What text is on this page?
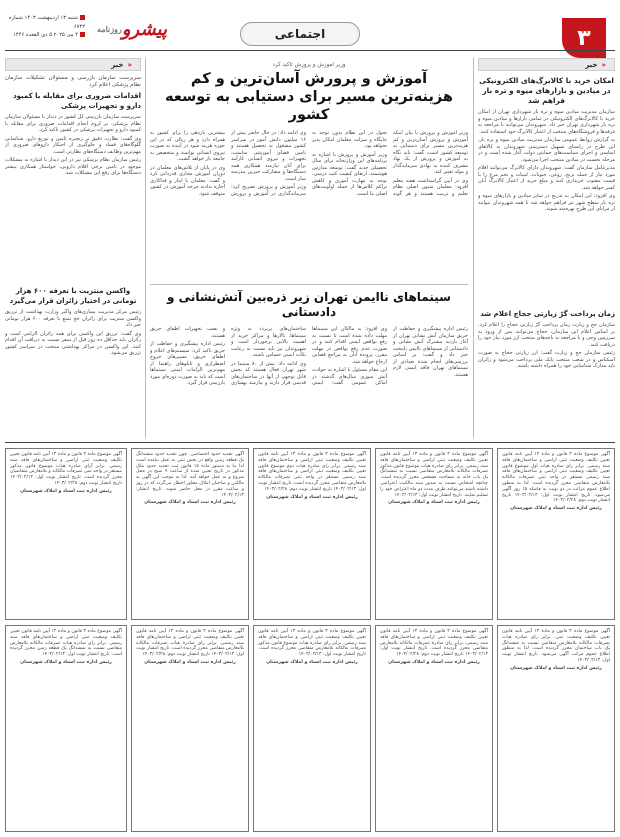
۳
اجتماعی
پیشرو
روزنامه
شنبه ۱۳ اردیبهشت ۱۴۰۳ شماره ۶۷۴۳
۴ مِی ۲۰۲۵ ۵ ذی القعده ۱۴۴۶
« خبر
امکان خرید با کالابرگ‌های الکترونیکی در میادین و بازارهای میوه و تره بار فراهم شد

سازمان مدیریت میادین میوه و تره بار شهرداری تهران از امکان خرید با کالابرگ‌های الکترونیکی در تمامی بازارها و میادین میوه و تره بار شهرداری تهران خبر داد. شهروندان می‌توانند با مراجعه به غرفه‌ها و فروشگاه‌های منتخب از اعتبار کالابرگ خود استفاده کنند.

به گزارش روابط عمومی سازمان مدیریت میادین میوه و تره بار، این طرح در راستای تسهیل دسترسی شهروندان به کالاهای اساسی و اجرای سیاست‌های حمایتی دولت آغاز شده است و در مرحله نخست در میادین منتخب اجرا می‌شود.

مدیرعامل سازمان گفت: شهروندان دارای کالابرگ می‌توانند اقلام مورد نیاز از جمله برنج، روغن، حبوبات، لبنیات و تخم مرغ را با قیمت مصوب خریداری کنند و مبلغ خرید از اعتبار کالابرگ آنان کسر خواهد شد.

وی افزود: این امکان به تدریج در سایر میادین و بازارهای میوه و تره بار سطح شهر نیز فراهم خواهد شد تا همه شهروندان بتوانند از مزایای این طرح بهره‌مند شوند.

زمان پرداخت گرّ زیارتی حجاج اعلام شد

سازمان حج و زیارت زمان پرداخت گرّ زیارتی حجاج را اعلام کرد. بر اساس اعلام این سازمان، حجاج می‌توانند پس از ورود به سرزمین وحی و با مراجعه به باجه‌های منتخب ارز مورد نیاز خود را دریافت کنند.

رئیس سازمان حج و زیارت گفت: ارز زیارتی حجاج به صورت اسکناس و در شعب منتخب بانک ملی پرداخت می‌شود و زائران باید مدارک شناسایی خود را همراه داشته باشند.

وزیر آموزش و پرورش تاکید کرد
آموزش و پرورش آسان‌ترین و کم هزینه‌ترین مسیر برای دستیابی به توسعه کشور

وزیر آموزش و پرورش با بیان اینکه آموزش و پرورش آسان‌ترین و کم هزینه‌ترین مسیر برای دستیابی به توسعه کشور است، گفت: باید نگاه به آموزش و پرورش از یک نهاد مصرف کننده به نهادی سرمایه‌گذار و مولد تغییر کند.

وی در آیین گرامیداشت هفته معلم افزود: معلمان ستون اصلی نظام تعلیم و تربیت هستند و هر گونه تحول در این نظام بدون توجه به جایگاه و منزلت معلمان امکان پذیر نخواهد بود.

وزیر آموزش و پرورش با اشاره به برنامه‌های این وزارتخانه برای سال تحصیلی جدید گفت: توسعه مدارس هوشمند، ارتقای کیفیت کتب درسی، توجه به مهارت آموزی و کاهش تراکم کلاس‌ها از جمله اولویت‌های اصلی ما است.

وی ادامه داد: در حال حاضر بیش از ۱۶ میلیون دانش آموز در سراسر کشور مشغول به تحصیل هستند و تامین فضای آموزشی مناسب، تجهیزات و نیروی انسانی کارآمد برای آنان نیازمند همکاری همه دستگاه‌ها و مشارکت خیرین مدرسه ساز است.

وزیر آموزش و پرورش تصریح کرد: سرمایه‌گذاری در آموزش و پرورش بیشترین بازدهی را برای کشور به همراه دارد و هر ریالی که در این حوزه هزینه شود در آینده به صورت نیروی انسانی توانمند و متخصص به جامعه باز خواهد گشت.

وی در پایان از تلاش‌های معلمان در دوران آموزش مجازی قدردانی کرد و گفت: معلمان با ایثار و فداکاری اجازه ندادند چرخه آموزش در کشور متوقف شود.

سینماهای ناایمن تهران زیر ذره‌بین آتش‌نشانی و دادستانی

رئیس اداره پیشگیری و حفاظت از حریق سازمان آتش نشانی تهران از آغاز بازدید مشترک آتش نشانی و دادستانی از سینماهای ناایمن پایتخت خبر داد و گفت: بر اساس بررسی‌های انجام شده تعدادی از سینماهای تهران فاقد ایمنی لازم هستند.

وی افزود: به مالکان این سینماها مهلت داده شده است تا نسبت به رفع نواقص ایمنی اقدام کنند و در صورت عدم رفع نواقص در مهلت مقرر، پرونده آنان به مراجع قضایی ارجاع خواهد شد.

این مقام مسئول با اشاره به حوادث آتش سوزی سال‌های گذشته در اماکن عمومی گفت: ایمنی ساختمان‌های پرتردد به ویژه سینماها، تالارها و مراکز خرید از اهمیت بالایی برخوردار است و شهروندان نیز باید نسبت به رعایت نکات ایمنی حساس باشند.

وی ادامه داد: بیش از ۸۰ سینما در شهر تهران فعال هستند که بخش قابل توجهی از آنها در ساختمان‌های قدیمی قرار دارند و نیازمند بهسازی و نصب تجهیزات اطفای حریق هستند.

رئیس اداره پیشگیری و حفاظت از حریق تاکید کرد: سیستم‌های اعلام و اطفای حریق، مسیرهای خروج اضطراری و تابلوهای راهنما از مهم‌ترین الزامات ایمنی سینماها است که باید به صورت دوره‌ای مورد بازرسی قرار گیرد.

« خبر
سرپرست سازمان بازرسی و مسئولان تشکیلات سازمان نظام پزشکی اعلام کرد
اقدامات ضروری برای مقابله با کمبود دارو و تجهیزات پزشکی

سرپرست سازمان بازرسی کل کشور در دیدار با مسئولان سازمان نظام پزشکی، بر لزوم انجام اقدامات ضروری برای مقابله با کمبود دارو و تجهیزات پزشکی در کشور تاکید کرد.

وی گفت: نظارت دقیق بر زنجیره تامین و توزیع دارو، شناسایی گلوگاه‌های فساد و جلوگیری از احتکار داروهای ضروری از مهم‌ترین وظایف دستگاه‌های نظارتی است.

رئیس سازمان نظام پزشکی نیز در این دیدار با اشاره به مشکلات موجود در تامین برخی اقلام دارویی، خواستار همکاری بیشتر دستگاه‌ها برای رفع این مشکلات شد.

واکسن منتزیت با تعرفه ۶۰۰ هزار تومانی در اختیار زائران قرار می‌گیرد

رئیس مرکز مدیریت بیماری‌های واگیر وزارت بهداشت از تزریق واکسن منتزیت برای زائران حج تمتع با تعرفه ۶۰۰ هزار تومانی خبر داد.

وی گفت: تزریق این واکسن برای همه زائران الزامی است و زائران باید حداقل ده روز قبل از سفر نسبت به دریافت آن اقدام کنند. این واکسن در مراکز بهداشتی منتخب در سراسر کشور تزریق می‌شود.

آگهی موضوع ماده ۳ قانون و ماده ۱۳ آیین نامه قانون تعیین تکلیف وضعیت ثبتی اراضی و ساختمان‌های فاقد سند رسمی. برابر رای صادره هیات اول موضوع قانون تعیین تکلیف وضعیت ثبتی اراضی و ساختمان‌های فاقد سند رسمی مستقر در واحد ثبتی تصرفات مالکانه بلامعارض متقاضی محرز گردیده است. لذا به منظور اطلاع عموم مراتب در دو نوبت به فاصله ۱۵ روز آگهی می‌شود. تاریخ انتشار نوبت اول: ۱۴۰۳/۰۲/۱۳ تاریخ انتشار نوبت دوم: ۱۴۰۳/۰۲/۲۸

رئیس اداره ثبت اسناد و املاک شهرستان

آگهی موضوع ماده ۳ قانون و ماده ۱۳ آیین نامه قانون تعیین تکلیف وضعیت ثبتی اراضی و ساختمان‌های فاقد سند رسمی. برابر رای صادره هیات موضوع قانون مذکور تصرفات مالکانه بلامعارض متقاضی نسبت به ششدانگ یک باب خانه به مساحت مشخص محرز گردیده است. چنانچه اشخاص نسبت به صدور سند مالکیت اعتراضی داشته باشند می‌توانند ظرف مدت دو ماه اعتراض خود را تسلیم نمایند. تاریخ انتشار نوبت اول: ۱۴۰۳/۰۲/۱۳

رئیس اداره ثبت اسناد و املاک شهرستان

آگهی موضوع ماده ۳ قانون و ماده ۱۳ آیین نامه قانون تعیین تکلیف وضعیت ثبتی اراضی و ساختمان‌های فاقد سند رسمی. برابر رای صادره هیات دوم موضوع قانون تعیین تکلیف وضعیت ثبتی اراضی و ساختمان‌های فاقد سند رسمی مستقر در واحد ثبتی تصرفات مالکانه بلامعارض متقاضی محرز گردیده است. تاریخ انتشار نوبت اول: ۱۴۰۳/۰۲/۱۳ تاریخ انتشار نوبت دوم: ۱۴۰۳/۰۲/۲۸

رئیس اداره ثبت اسناد و املاک شهرستان

آگهی تحدید حدود اختصاصی. چون تحدید حدود ششدانگ یک قطعه زمین واقع در بخش ثبتی به عمل نیامده است لذا بنا به دستور ماده ۱۵ قانون ثبت تحدید حدود ملک مذکور در تاریخ تعیین شده از ساعت ۹ صبح در محل شروع و به عمل خواهد آمد. لذا به موجب این آگهی به مالکین و صاحبان املاک مجاور اخطار می‌گردد که در روز و ساعت مقرر در محل حاضر شوند. تاریخ انتشار: ۱۴۰۳/۰۲/۱۳

رئیس اداره ثبت اسناد و املاک شهرستان

آگهی موضوع ماده ۳ قانون و ماده ۱۳ آیین نامه قانون تعیین تکلیف وضعیت ثبتی اراضی و ساختمان‌های فاقد سند رسمی. برابر آرای صادره هیات موضوع قانون مذکور مستقر در واحد ثبتی تصرفات مالکانه و بلامعارض متقاضیان محرز گردیده است. تاریخ انتشار نوبت اول: ۱۴۰۳/۰۲/۱۳ تاریخ انتشار نوبت دوم: ۱۴۰۳/۰۲/۲۸

رئیس اداره ثبت اسناد و املاک شهرستان

آگهی موضوع ماده ۳ قانون و ماده ۱۳ آیین نامه قانون تعیین تکلیف وضعیت ثبتی. برابر رای صادره هیات تصرفات مالکانه بلامعارض متقاضی نسبت به ششدانگ یک باب ساختمان محرز گردیده است. لذا به منظور اطلاع عموم مراتب آگهی می‌شود. تاریخ انتشار نوبت اول: ۱۴۰۳/۰۲/۱۳

رئیس اداره ثبت اسناد و املاک شهرستان

آگهی موضوع ماده ۳ قانون و ماده ۱۳ آیین نامه قانون تعیین تکلیف وضعیت ثبتی اراضی و ساختمان‌های فاقد سند رسمی. برابر رای صادره تصرفات مالکانه بلامعارض متقاضی محرز گردیده است. تاریخ انتشار نوبت اول: ۱۴۰۳/۰۲/۱۳ تاریخ انتشار نوبت دوم: ۱۴۰۳/۰۲/۲۸

رئیس اداره ثبت اسناد و املاک شهرستان

آگهی موضوع ماده ۳ قانون و ماده ۱۳ آیین نامه قانون تعیین تکلیف وضعیت ثبتی اراضی و ساختمان‌های فاقد سند رسمی. برابر رای صادره هیات موضوع قانون مذکور تصرفات مالکانه بلامعارض متقاضی محرز گردیده است. تاریخ انتشار نوبت اول: ۱۴۰۳/۰۲/۱۳

رئیس اداره ثبت اسناد و املاک شهرستان

آگهی موضوع ماده ۳ قانون و ماده ۱۳ آیین نامه قانون تعیین تکلیف وضعیت ثبتی اراضی و ساختمان‌های فاقد سند رسمی. برابر رای صادره هیات تصرفات مالکانه بلامعارض متقاضی محرز گردیده است. تاریخ انتشار نوبت اول: ۱۴۰۳/۰۲/۱۳ تاریخ انتشار نوبت دوم: ۱۴۰۳/۰۲/۲۸

رئیس اداره ثبت اسناد و املاک شهرستان

آگهی موضوع ماده ۳ قانون و ماده ۱۳ آیین نامه قانون تعیین تکلیف وضعیت ثبتی اراضی و ساختمان‌های فاقد سند رسمی. برابر رای صادره هیات تصرفات مالکانه بلامعارض متقاضی نسبت به ششدانگ یک قطعه زمین محرز گردیده است. تاریخ انتشار نوبت اول: ۱۴۰۳/۰۲/۱۳

رئیس اداره ثبت اسناد و املاک شهرستان
